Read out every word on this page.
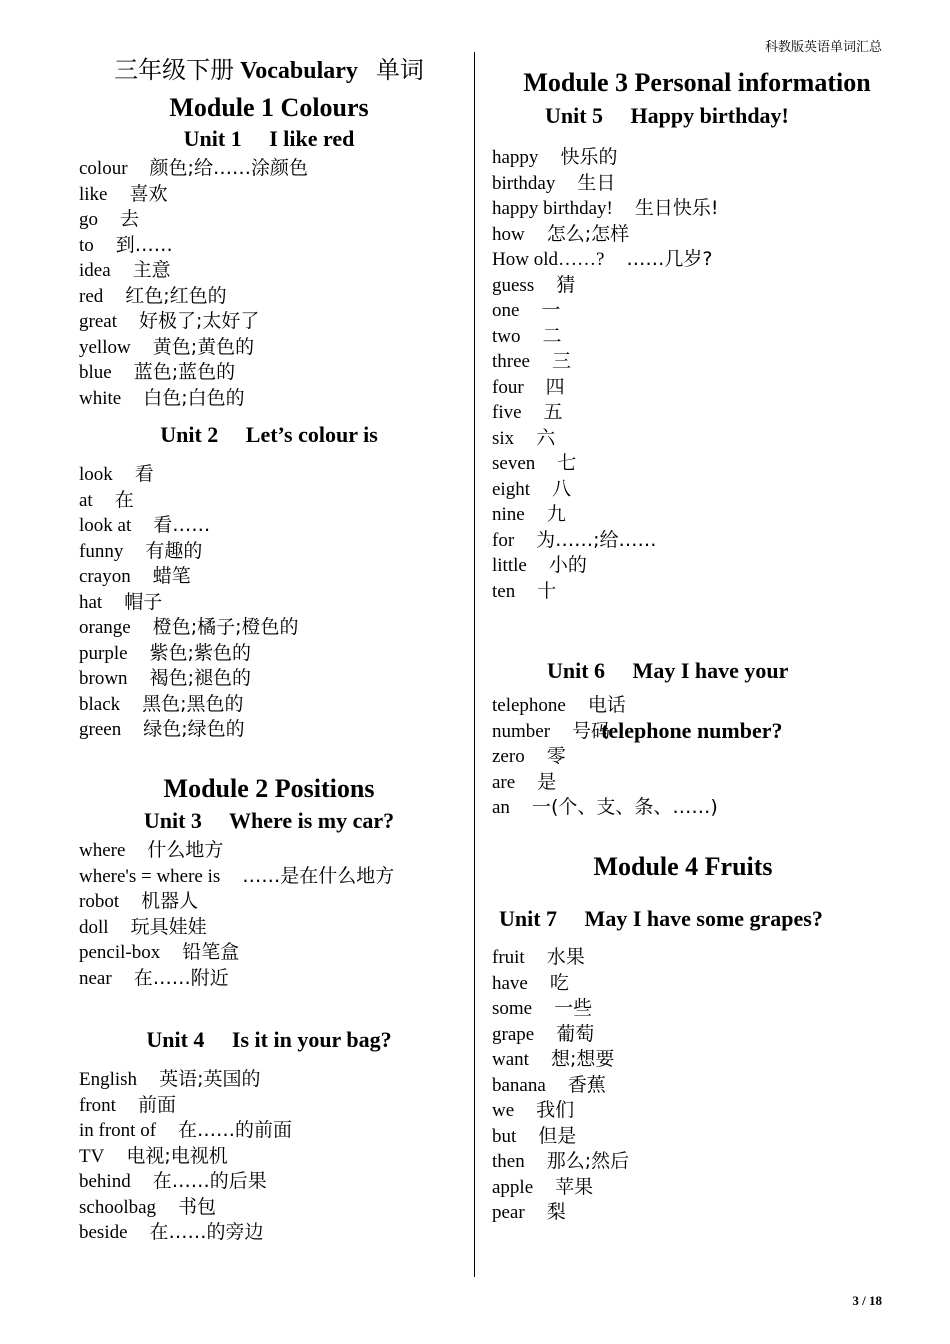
科教版英语单词汇总
三年级下册 Vocabulary 单词
Module 1 Colours
Unit 1     I like red
colour 颜色;给……涂颜色
like 喜欢
go 去
to 到……
idea 主意
red 红色;红色的
great 好极了;太好了
yellow 黄色;黄色的
blue 蓝色;蓝色的
white 白色;白色的
Unit 2     Let’s colour is
look 看
at 在
look at 看……
funny 有趣的
crayon 蜡笔
hat 帽子
orange 橙色;橘子;橙色的
purple 紫色;紫色的
brown 褐色;褪色的
black 黑色;黑色的
green 绿色;绿色的
Module 2 Positions
Unit 3     Where is my car?
where 什么地方
where's = where is ……是在什么地方
robot 机器人
doll 玩具娃娃
pencil-box 铅笔盒
near 在……附近
Unit 4     Is it in your bag?
English 英语;英国的
front 前面
in front of 在……的前面
TV 电视;电视机
behind 在……的后果
schoolbag 书包
beside 在……的旁边
Module 3 Personal information
Unit 5     Happy birthday!
happy 快乐的
birthday 生日
happy birthday! 生日快乐!
how 怎么;怎样
How old……? ……几岁?
guess 猜
one 一
two 二
three 三
four 四
five 五
six 六
seven 七
eight 八
nine 九
for 为……;给……
little 小的
ten 十

Unit 6     May I have your

telephone number?

telephone 电话
number 号码
zero 零
are 是
an 一(个、支、条、……)
Module 4 Fruits
Unit 7     May I have some grapes?
fruit 水果
have 吃
some 一些
grape 葡萄
want 想;想要
banana 香蕉
we 我们
but 但是
then 那么;然后
apple 苹果
pear 梨
3 / 18
